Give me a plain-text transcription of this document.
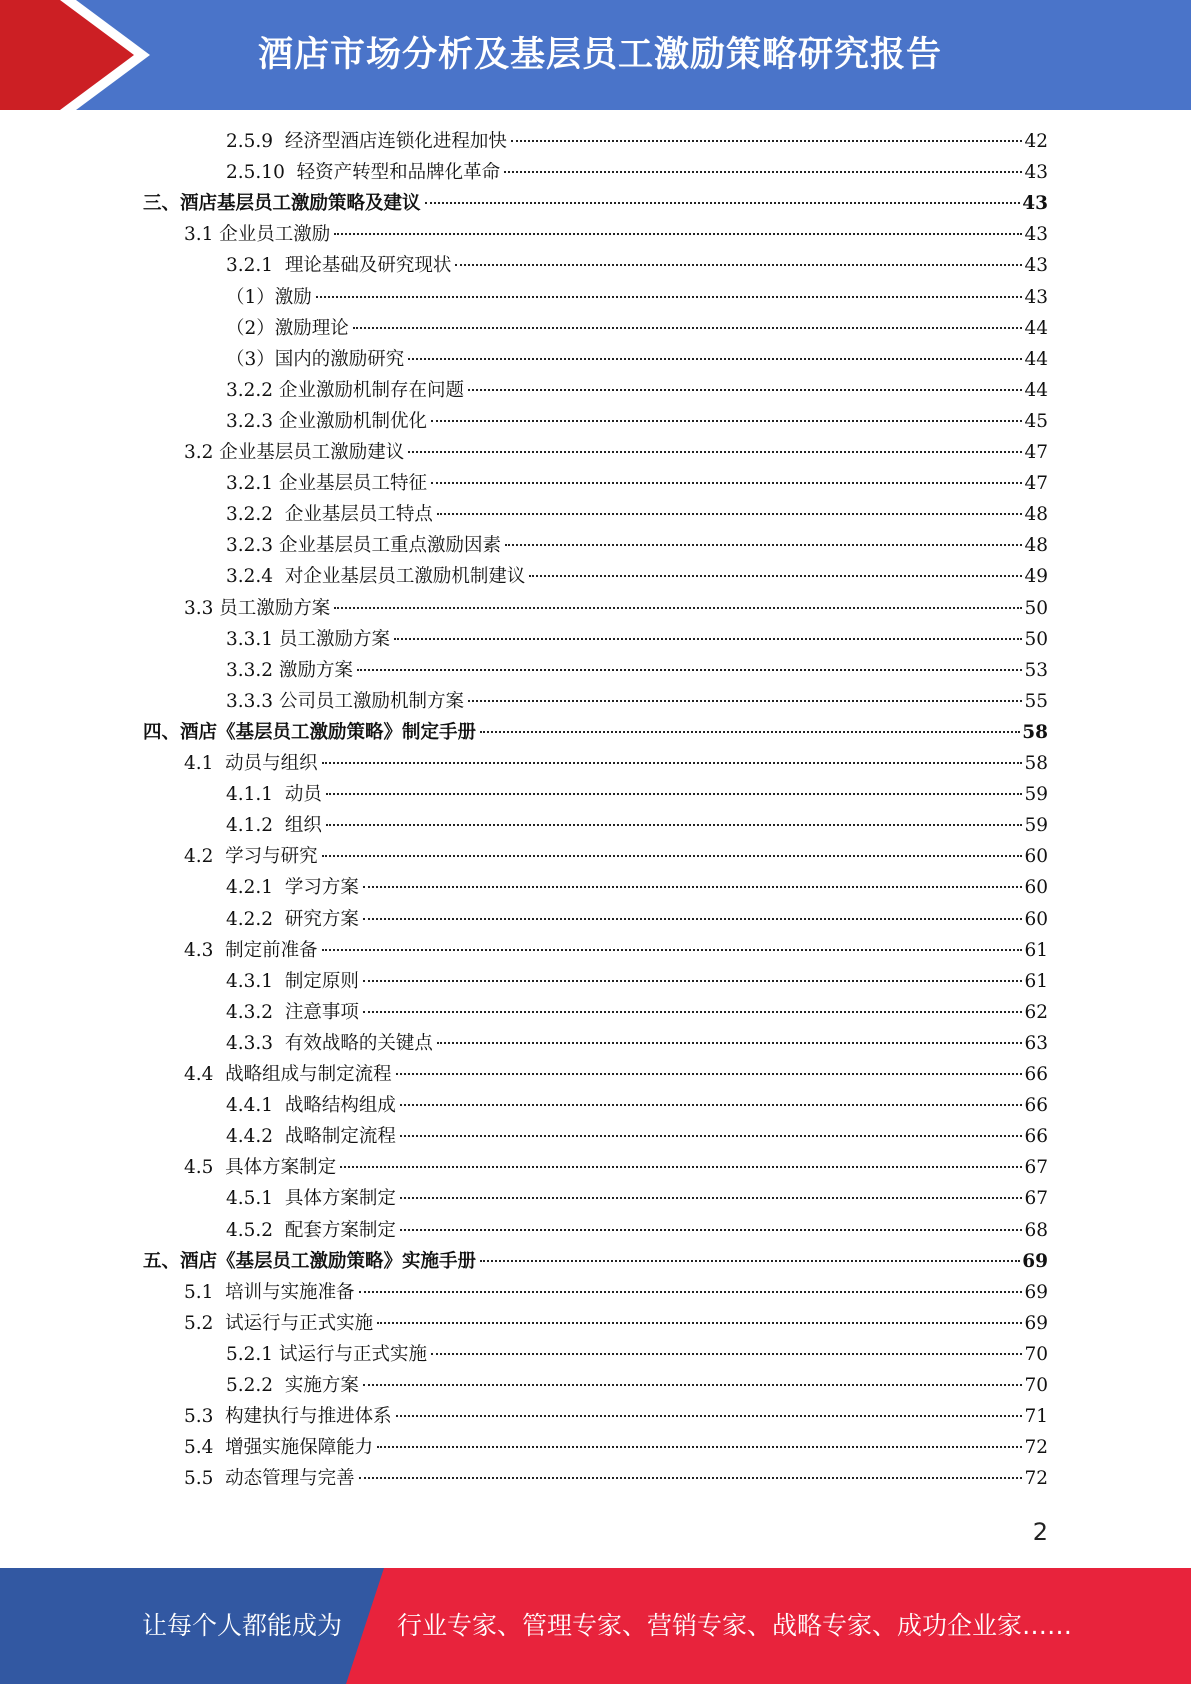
酒店市场分析及基层员工激励策略研究报告
2.5.9  经济型酒店连锁化进程加快	42
2.5.10  轻资产转型和品牌化革命	43
三、酒店基层员工激励策略及建议	43
3.1 企业员工激励	43
3.2.1  理论基础及研究现状	43
（1）激励	43
（2）激励理论	44
（3）国内的激励研究	44
3.2.2 企业激励机制存在问题	44
3.2.3 企业激励机制优化	45
3.2 企业基层员工激励建议	47
3.2.1 企业基层员工特征	47
3.2.2  企业基层员工特点	48
3.2.3 企业基层员工重点激励因素	48
3.2.4  对企业基层员工激励机制建议	49
3.3 员工激励方案	50
3.3.1 员工激励方案	50
3.3.2 激励方案	53
3.3.3 公司员工激励机制方案	55
四、酒店《基层员工激励策略》制定手册	58
4.1  动员与组织	58
4.1.1  动员	59
4.1.2  组织	59
4.2  学习与研究	60
4.2.1  学习方案	60
4.2.2  研究方案	60
4.3  制定前准备	61
4.3.1  制定原则	61
4.3.2  注意事项	62
4.3.3  有效战略的关键点	63
4.4  战略组成与制定流程	66
4.4.1  战略结构组成	66
4.4.2  战略制定流程	66
4.5  具体方案制定	67
4.5.1  具体方案制定	67
4.5.2  配套方案制定	68
五、酒店《基层员工激励策略》实施手册	69
5.1  培训与实施准备	69
5.2  试运行与正式实施	69
5.2.1 试运行与正式实施	70
5.2.2  实施方案	70
5.3  构建执行与推进体系	71
5.4  增强实施保障能力	72
5.5  动态管理与完善	72
2
让每个人都能成为 行业专家、管理专家、营销专家、战略专家、成功企业家……
